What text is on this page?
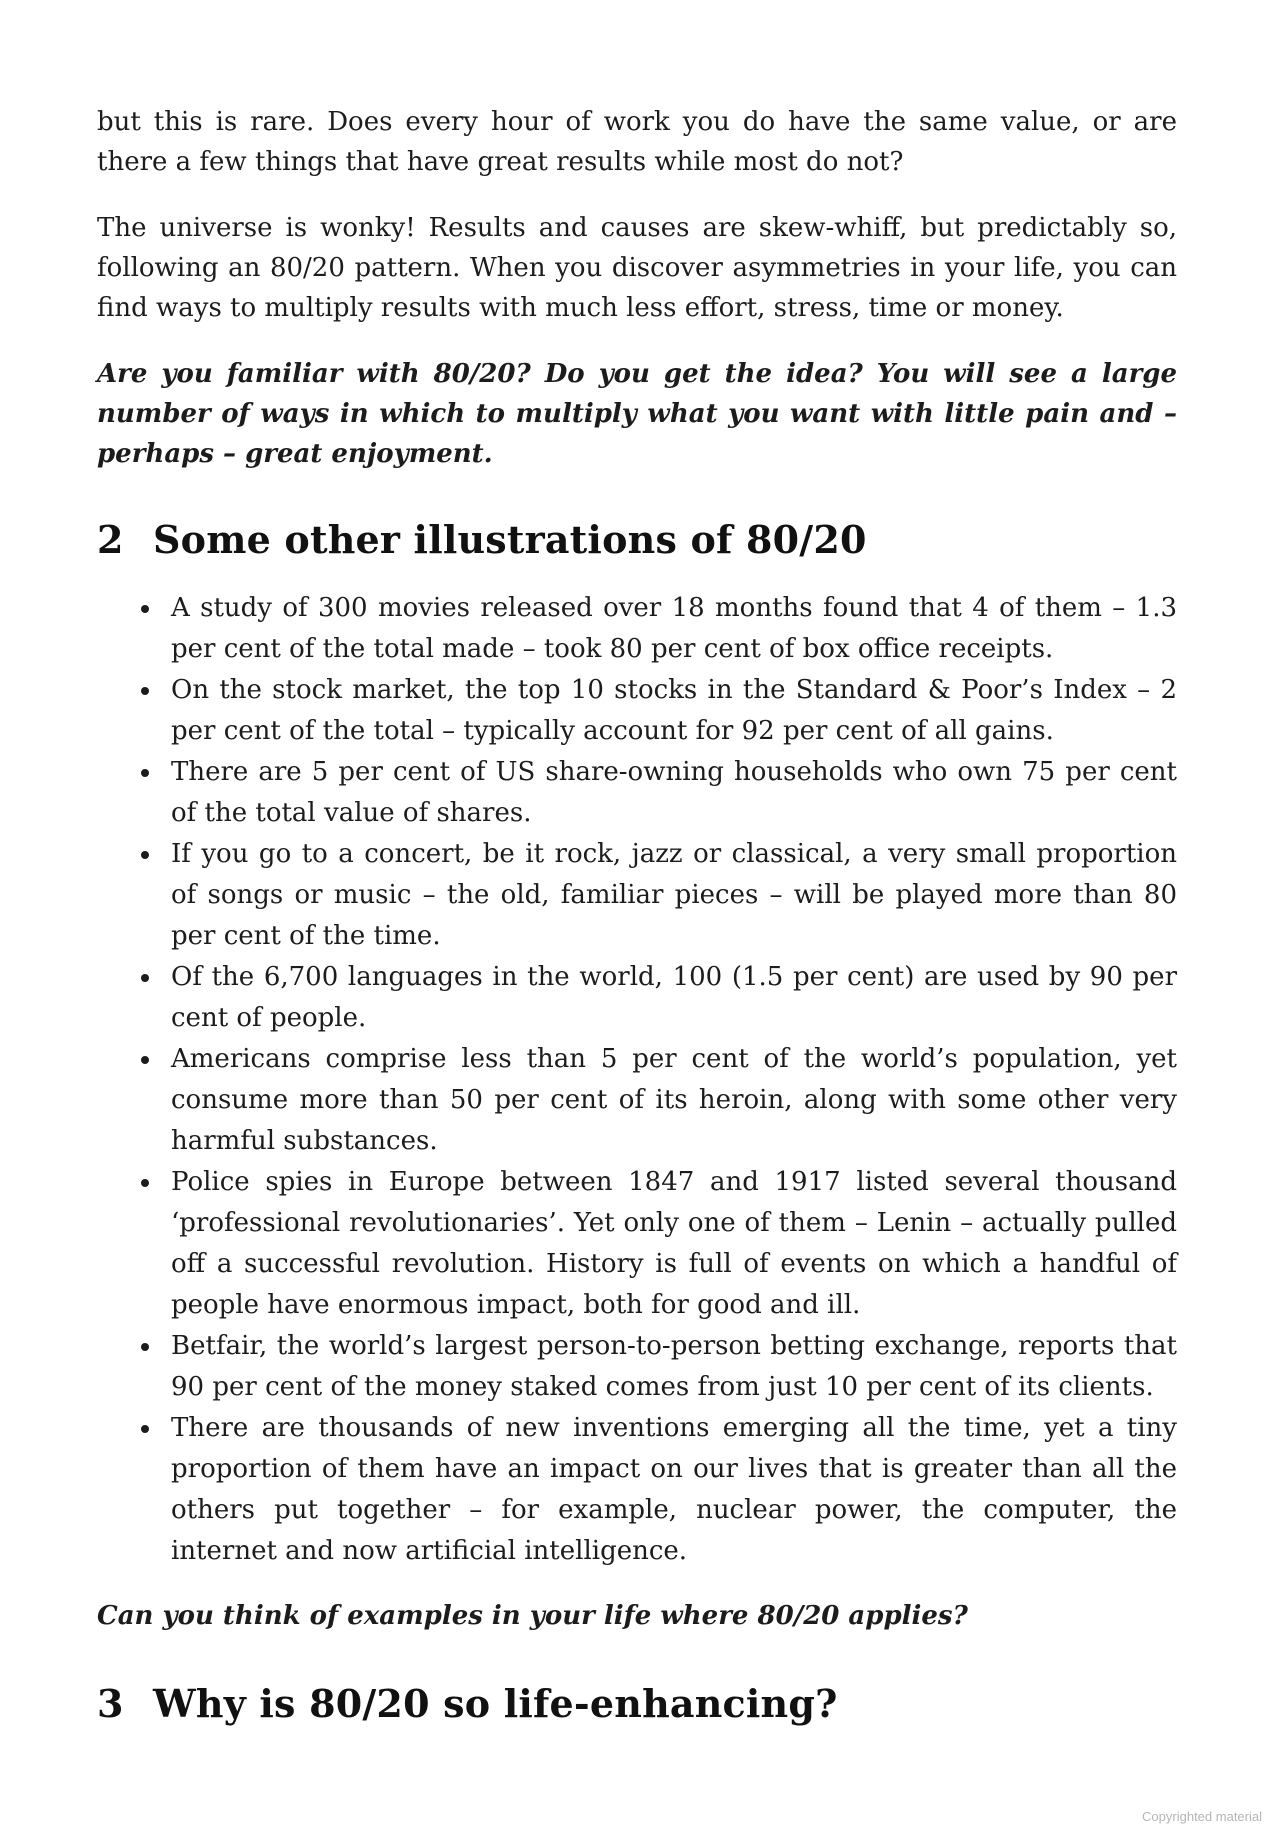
but this is rare. Does every hour of work you do have the same value, or are there a few things that have great results while most do not?

The universe is wonky! Results and causes are skew-whiff, but predictably so, following an 80/20 pattern. When you discover asymmetries in your life, you can find ways to multiply results with much less effort, stress, time or money.

Are you familiar with 80/20? Do you get the idea? You will see a large number of ways in which to multiply what you want with little pain and – perhaps – great enjoyment.

2 Some other illustrations of 80/20
A study of 300 movies released over 18 months found that 4 of them – 1.3 per cent of the total made – took 80 per cent of box office receipts.
On the stock market, the top 10 stocks in the Standard & Poor’s Index – 2 per cent of the total – typically account for 92 per cent of all gains.
There are 5 per cent of US share-owning households who own 75 per cent of the total value of shares.
If you go to a concert, be it rock, jazz or classical, a very small proportion of songs or music – the old, familiar pieces – will be played more than 80 per cent of the time.
Of the 6,700 languages in the world, 100 (1.5 per cent) are used by 90 per cent of people.
Americans comprise less than 5 per cent of the world’s population, yet consume more than 50 per cent of its heroin, along with some other very harmful substances.
Police spies in Europe between 1847 and 1917 listed several thousand ‘professional revolutionaries’. Yet only one of them – Lenin – actually pulled off a successful revolution. History is full of events on which a handful of people have enormous impact, both for good and ill.
Betfair, the world’s largest person-to-person betting exchange, reports that 90 per cent of the money staked comes from just 10 per cent of its clients.
There are thousands of new inventions emerging all the time, yet a tiny proportion of them have an impact on our lives that is greater than all the others put together – for example, nuclear power, the computer, the internet and now artificial intelligence.

Can you think of examples in your life where 80/20 applies?

3 Why is 80/20 so life-enhancing?
Copyrighted material
